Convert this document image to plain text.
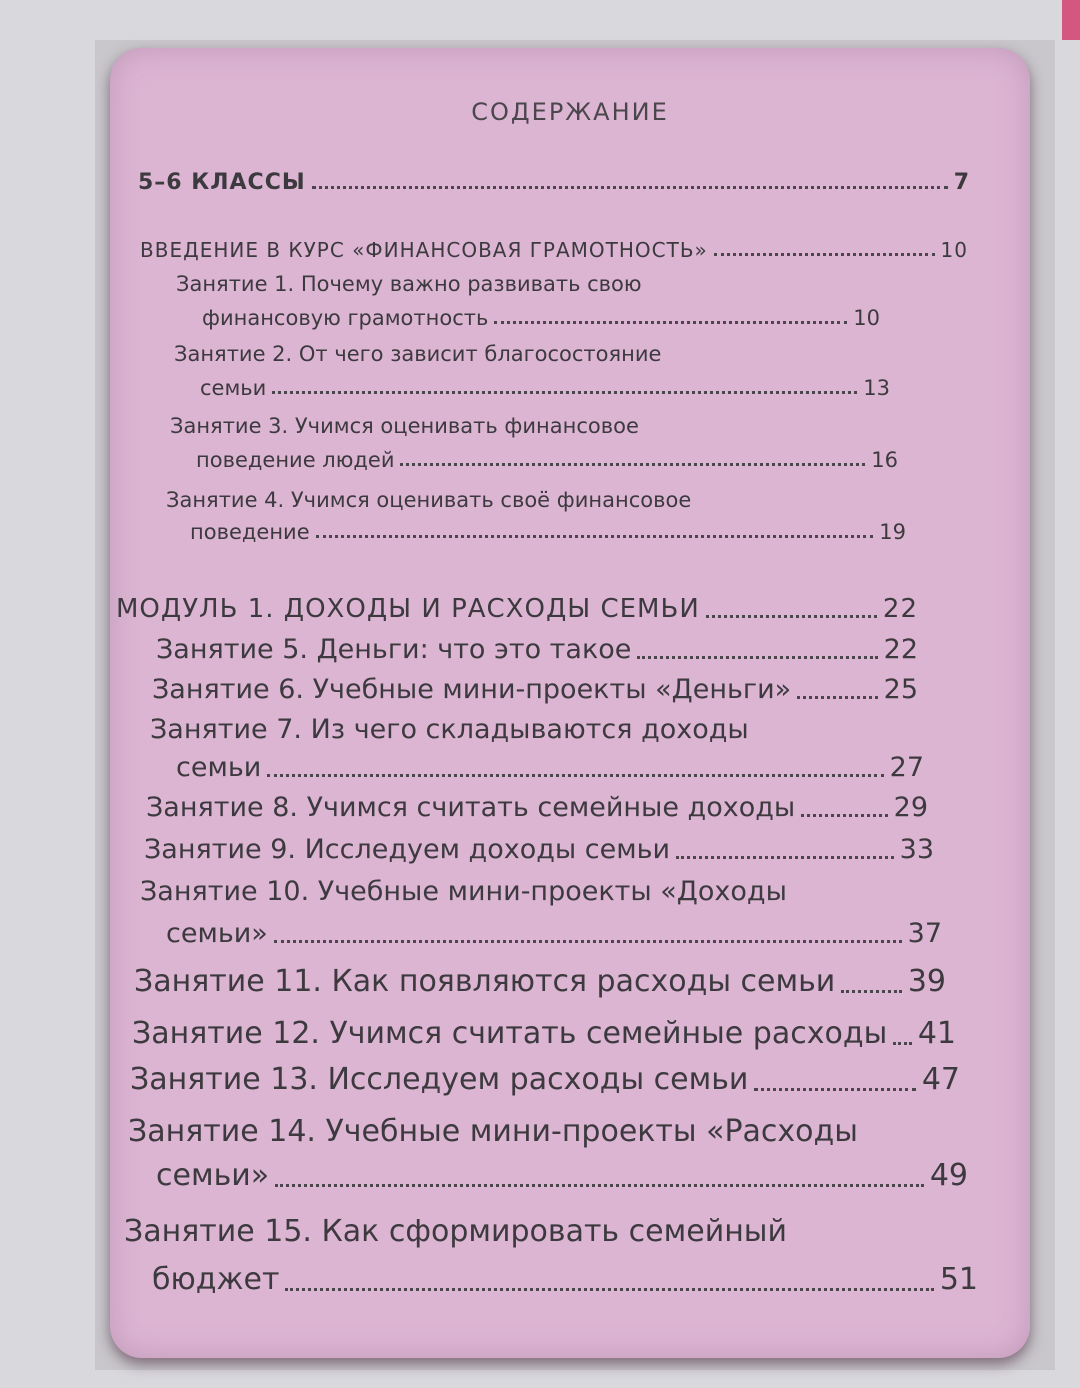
СОДЕРЖАНИЕ
5–6 КЛАССЫ	7
ВВЕДЕНИЕ В КУРС «ФИНАНСОВАЯ ГРАМОТНОСТЬ»	10
Занятие 1. Почему важно развивать свою
финансовую грамотность	10
Занятие 2. От чего зависит благосостояние
семьи	13
Занятие 3. Учимся оценивать финансовое
поведение людей	16
Занятие 4. Учимся оценивать своё финансовое
поведение	19
МОДУЛЬ 1. ДОХОДЫ И РАСХОДЫ СЕМЬИ	22
Занятие 5. Деньги: что это такое	22
Занятие 6. Учебные мини-проекты «Деньги»	25
Занятие 7. Из чего складываются доходы
семьи	27
Занятие 8. Учимся считать семейные доходы	29
Занятие 9. Исследуем доходы семьи	33
Занятие 10. Учебные мини-проекты «Доходы
семьи»	37
Занятие 11. Как появляются расходы семьи 39
Занятие 12. Учимся считать семейные расходы 41
Занятие 13. Исследуем расходы семьи	47
Занятие 14. Учебные мини-проекты «Расходы
семьи»	49
Занятие 15. Как сформировать семейный
бюджет	51
